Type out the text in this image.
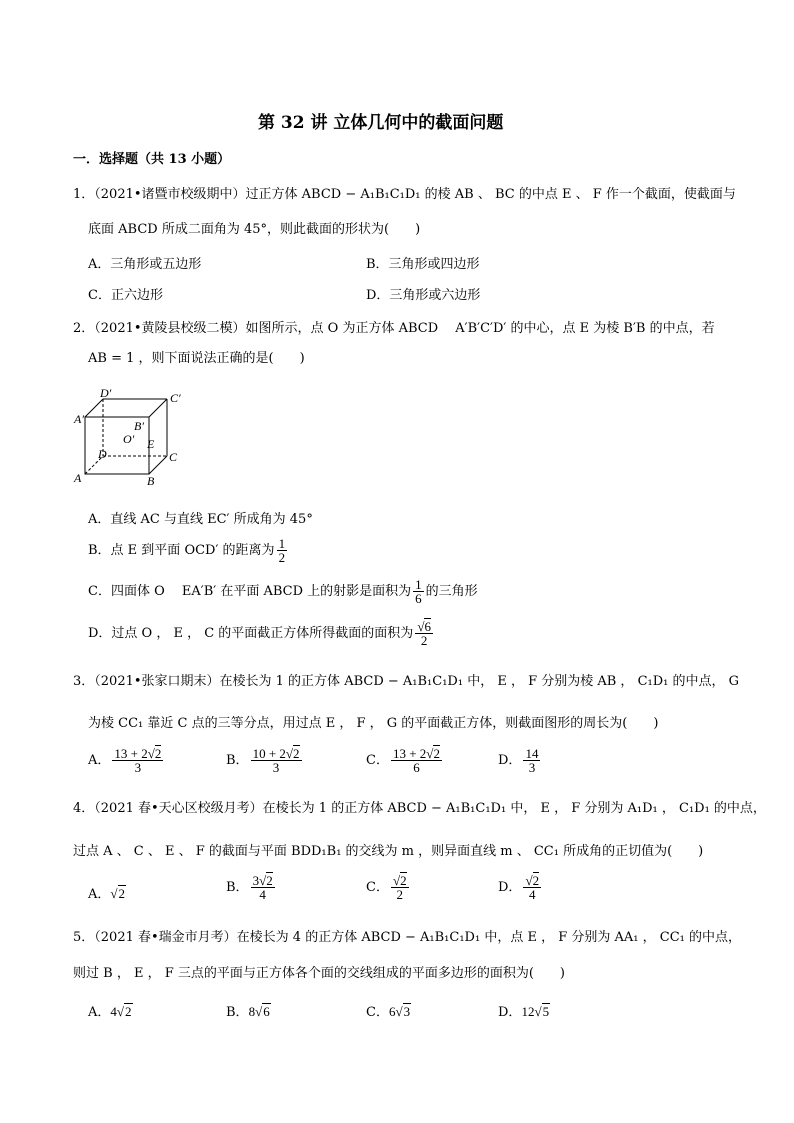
第 32 讲 立体几何中的截面问题
一．选择题（共 13 小题）
1．（2021•诸暨市校级期中）过正方体 ABCD − A₁B₁C₁D₁ 的棱 AB 、 BC 的中点 E 、 F 作一个截面，使截面与
底面 ABCD 所成二面角为 45°，则此截面的形状为(　　)
A．三角形或五边形	B．三角形或四边形
C．正六边形	D．三角形或六边形
2．（2021•黄陵县校级二模）如图所示，点 O 为正方体 ABCD　 A′B′C′D′ 的中心，点 E 为棱 B′B 的中点，若
AB = 1 ，则下面说法正确的是(　　)
D′	C′
A′	B′
O′ E
D	C
A	B
A．直线 AC 与直线 EC′ 所成角为 45°
B．点 E 到平面 OCD′ 的距离为 $\frac{1}{2}$
C．四面体 O　 EA′B′ 在平面 ABCD 上的射影是面积为 $\frac{1}{6}$ 的三角形
D．过点 O ， E ， C 的平面截正方体所得截面的面积为 $\frac{√6}{2}$
3．（2021•张家口期末）在棱长为 1 的正方体 ABCD − A₁B₁C₁D₁ 中， E ， F 分别为棱 AB ， C₁D₁ 的中点， G
为棱 CC₁ 靠近 C 点的三等分点，用过点 E ， F ， G 的平面截正方体，则截面图形的周长为(　　)
A． $\frac{13 + 2√2}{3}$	B． $\frac{10 + 2√2}{3}$	C． $\frac{13 + 2√2}{6}$	D． $\frac{14}{3}$
4．（2021 春•天心区校级月考）在棱长为 1 的正方体 ABCD − A₁B₁C₁D₁ 中， E ， F 分别为 A₁D₁ ， C₁D₁ 的中点，
过点 A 、 C 、 E 、 F 的截面与平面 BDD₁B₁ 的交线为 m ，则异面直线 m 、 CC₁ 所成角的正切值为(　　)
A．√2	B． $\frac{3√2}{4}$	C． $\frac{√2}{2}$	D． $\frac{√2}{4}$
5．（2021 春•瑞金市月考）在棱长为 4 的正方体 ABCD − A₁B₁C₁D₁ 中，点 E ， F 分别为 AA₁ ， CC₁ 的中点，
则过 B ， E ， F 三点的平面与正方体各个面的交线组成的平面多边形的面积为(　　)
A．4√2	B．8√6	C．6√3	D．12√5
